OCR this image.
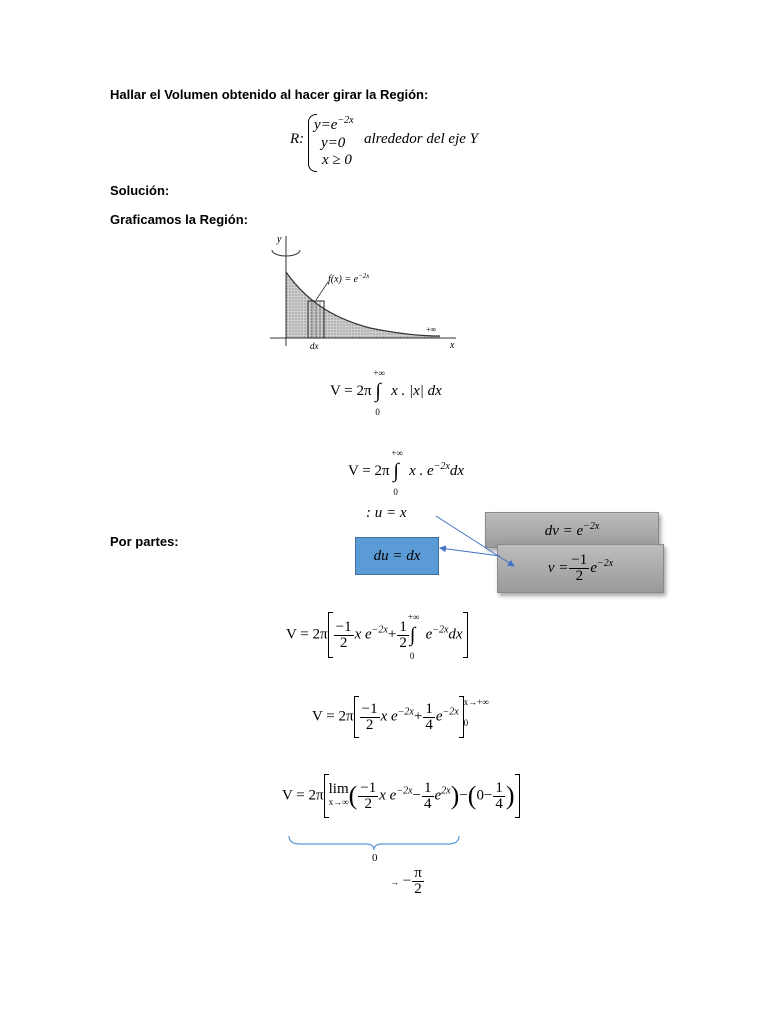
Hallar el Volumen obtenido al hacer girar la Región:
R:
$y=e^{-2x}$
y=0
x ≥ 0
alrededor del eje Y
Solución:
Graficamos la Región:
y
x
$f(x) = e^{-2x}$
dx
+∞
V = 2π
+∞
∫
0
x . |x| dx
V = 2π
+∞
∫
0
x . $e^{-2x}dx$
: u = x
Por partes:
du = dx
dv = $e^{-2x}$
$v = \frac{-1}{2} e^{-2x}$
$V = 2\pi \frac{-1}{2}$ x $e^{-2x}+ \frac{1}{2}$
+∞
∫
0
$e^{-2x}dx$
$V = 2\pi \frac{-1}{2}$ x $e^{-2x}+ \frac{1}{4} e^{-2x}$
x→+∞
0
V = 2π lim
x→∞ ( $\frac{-1}{2}$ x $e^{-2x}- \frac{1}{4} e^{2x})-(0- \frac{1}{4}$ )
0
→ − $\frac{\pi}{2}$
